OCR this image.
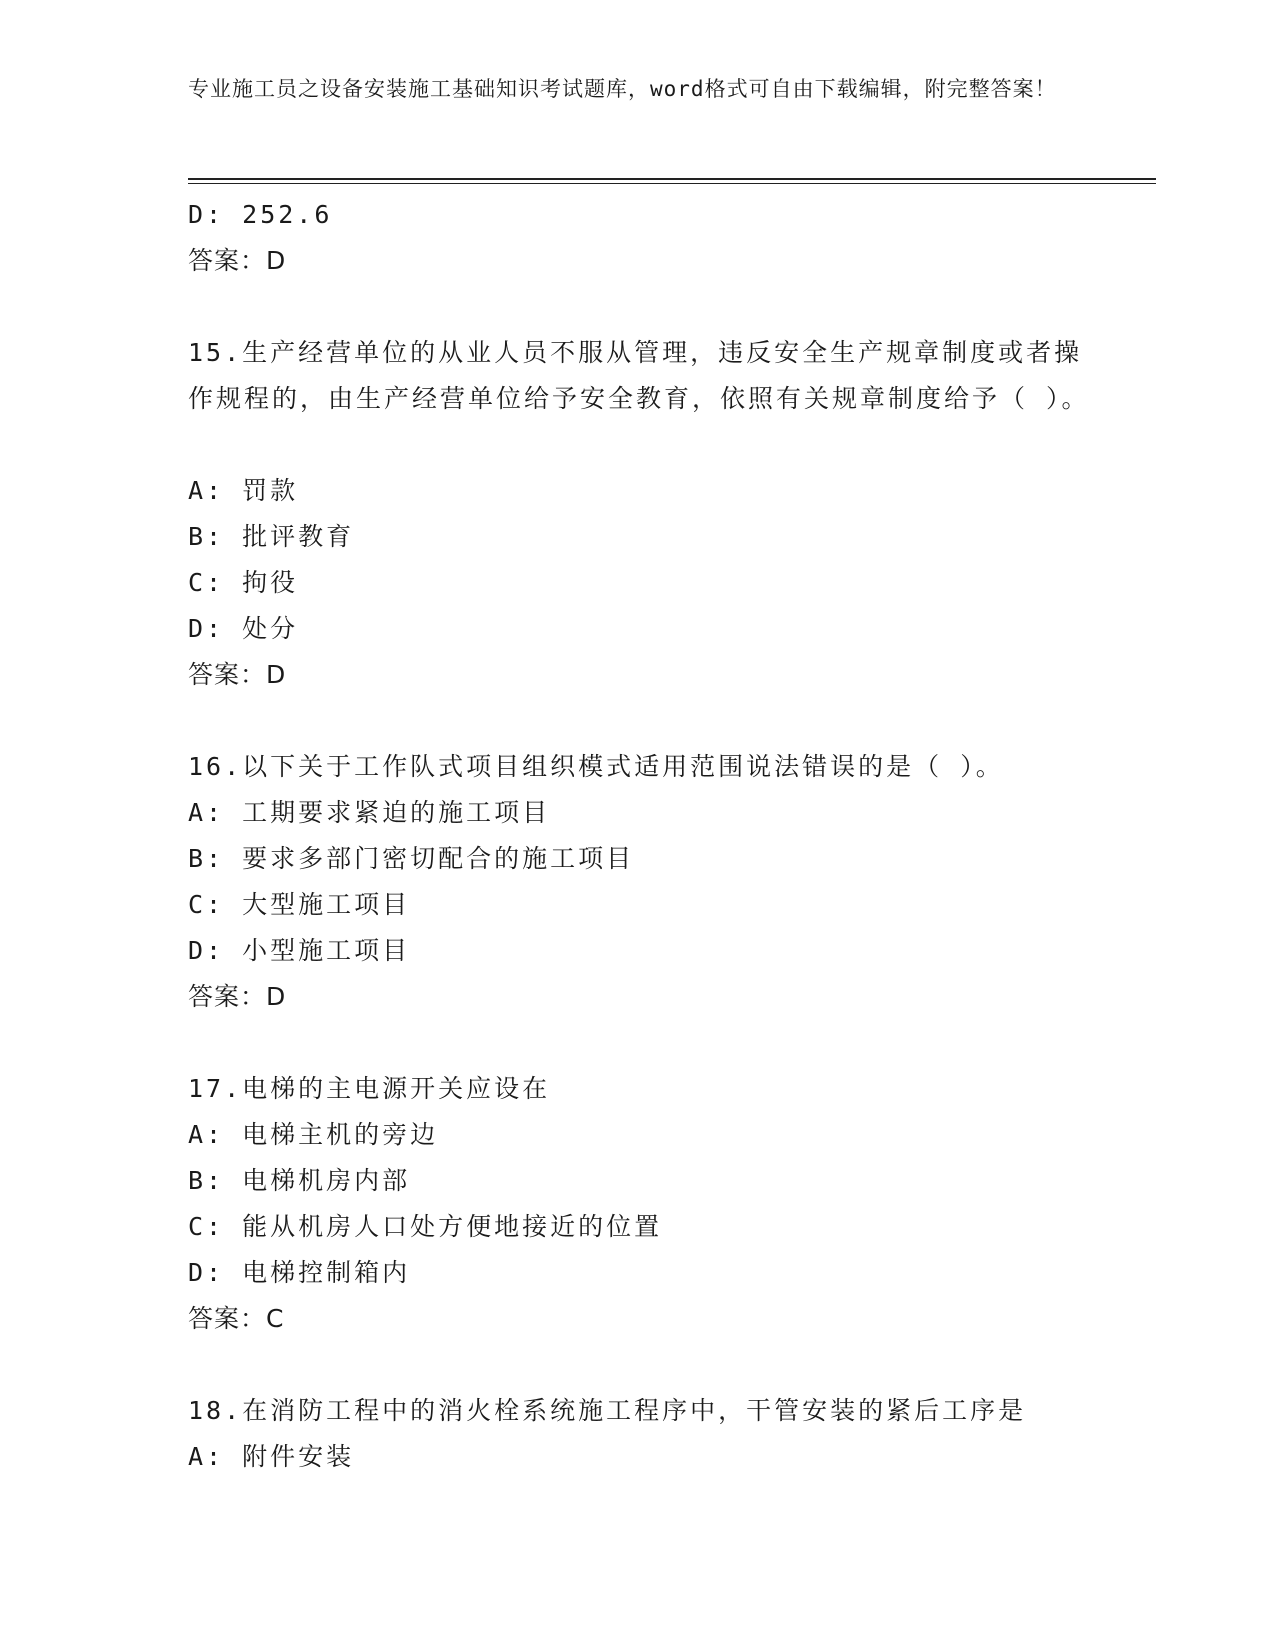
专业施工员之设备安装施工基础知识考试题库，word格式可自由下载编辑，附完整答案！
D: 252.6
答案：D
15.生产经营单位的从业人员不服从管理，违反安全生产规章制度或者操作规程的，由生产经营单位给予安全教育，依照有关规章制度给予（ ）。
A: 罚款
B: 批评教育
C: 拘役
D: 处分
答案：D
16.以下关于工作队式项目组织模式适用范围说法错误的是（ ）。
A: 工期要求紧迫的施工项目
B: 要求多部门密切配合的施工项目
C: 大型施工项目
D: 小型施工项目
答案：D
17.电梯的主电源开关应设在
A: 电梯主机的旁边
B: 电梯机房内部
C: 能从机房人口处方便地接近的位置
D: 电梯控制箱内
答案：C
18.在消防工程中的消火栓系统施工程序中，干管安装的紧后工序是
A: 附件安装
